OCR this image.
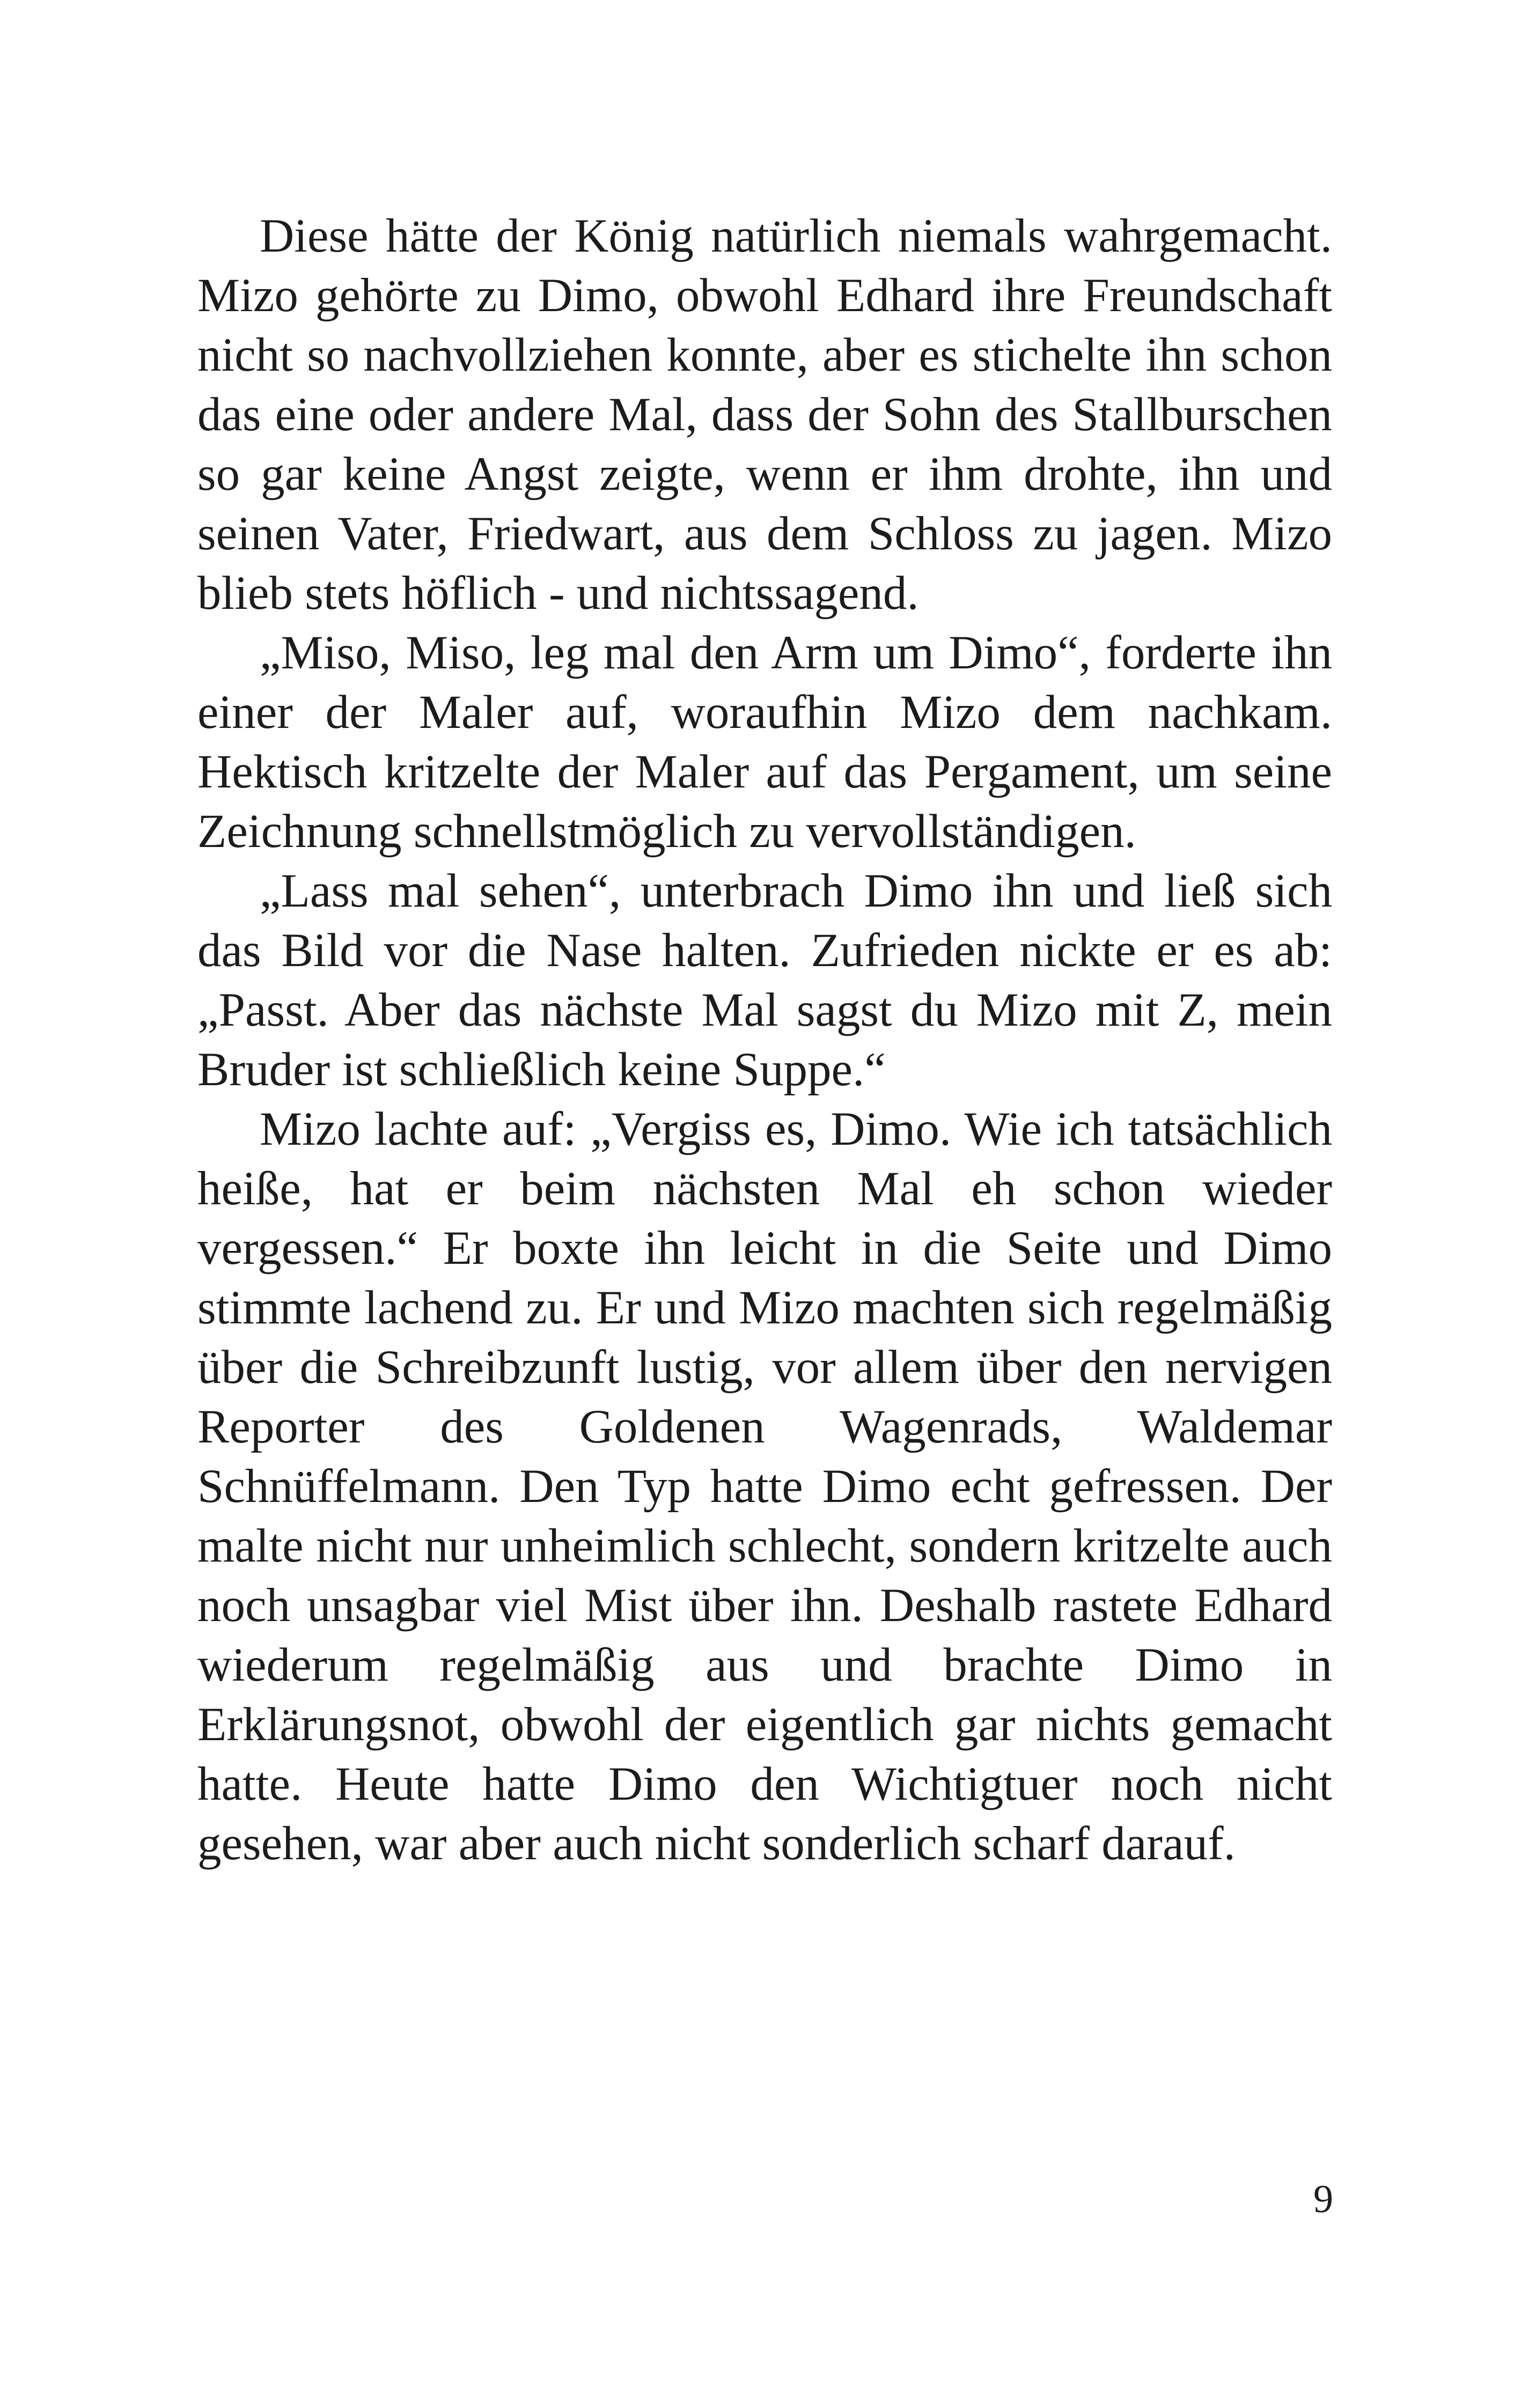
Diese hätte der König natürlich niemals wahrgemacht. Mizo gehörte zu Dimo, obwohl Edhard ihre Freundschaft nicht so nachvollziehen konnte, aber es stichelte ihn schon das eine oder andere Mal, dass der Sohn des Stallburschen so gar keine Angst zeigte, wenn er ihm drohte, ihn und seinen Vater, Friedwart, aus dem Schloss zu jagen. Mizo blieb stets höflich - und nichtssagend.

„Miso, Miso, leg mal den Arm um Dimo“, forderte ihn einer der Maler auf, woraufhin Mizo dem nachkam. Hektisch kritzelte der Maler auf das Pergament, um seine Zeichnung schnellstmöglich zu vervollständigen.

„Lass mal sehen“, unterbrach Dimo ihn und ließ sich das Bild vor die Nase halten. Zufrieden nickte er es ab: „Passt. Aber das nächste Mal sagst du Mizo mit Z, mein Bruder ist schließlich keine Suppe.“

Mizo lachte auf: „Vergiss es, Dimo. Wie ich tatsächlich heiße, hat er beim nächsten Mal eh schon wieder vergessen.“ Er boxte ihn leicht in die Seite und Dimo stimmte lachend zu. Er und Mizo machten sich regelmäßig über die Schreibzunft lustig, vor allem über den nervigen Reporter des Goldenen Wagenrads, Waldemar Schnüffelmann. Den Typ hatte Dimo echt gefressen. Der malte nicht nur unheimlich schlecht, sondern kritzelte auch noch unsagbar viel Mist über ihn. Deshalb rastete Edhard wiederum regelmäßig aus und brachte Dimo in Erklärungsnot, obwohl der eigentlich gar nichts gemacht hatte. Heute hatte Dimo den Wichtigtuer noch nicht gesehen, war aber auch nicht sonderlich scharf darauf.

9
